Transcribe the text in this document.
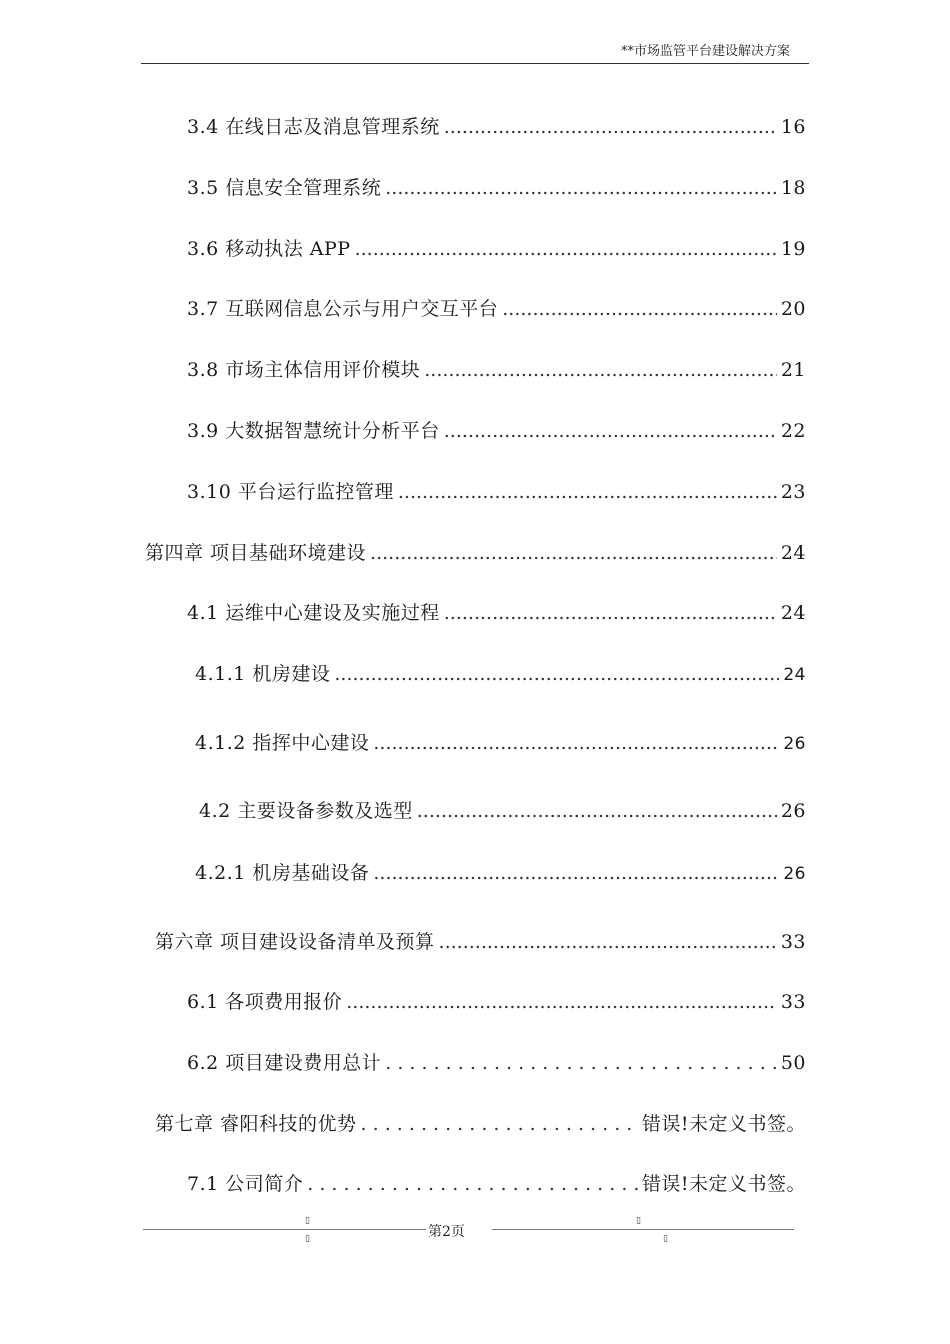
**市场监管平台建设解决方案
3.4 在线日志及消息管理系统 .....	16
3.5 信息安全管理系统 .....	18
3.6 移动执法 APP .....	19
3.7 互联网信息公示与用户交互平台 .....	20
3.8 市场主体信用评价模块 .....	21
3.9 大数据智慧统计分析平台 .....	22
3.10 平台运行监控管理 .....	23
第四章 项目基础环境建设 .....	24
4.1 运维中心建设及实施过程 .....	24
4.1.1 机房建设 .....	24
4.1.2 指挥中心建设 .....	26
4.2 主要设备参数及选型 .....	26
4.2.1 机房基础设备 .....	26
第六章 项目建设设备清单及预算 .....	33
6.1 各项费用报价 .....	33
6.2 项目建设费用总计 . . .	50
第七章 睿阳科技的优势 . . .	错误!未定义书签。
7.1 公司简介 . . .	错误!未定义书签。
第2页
▯
▯
▯
▯
